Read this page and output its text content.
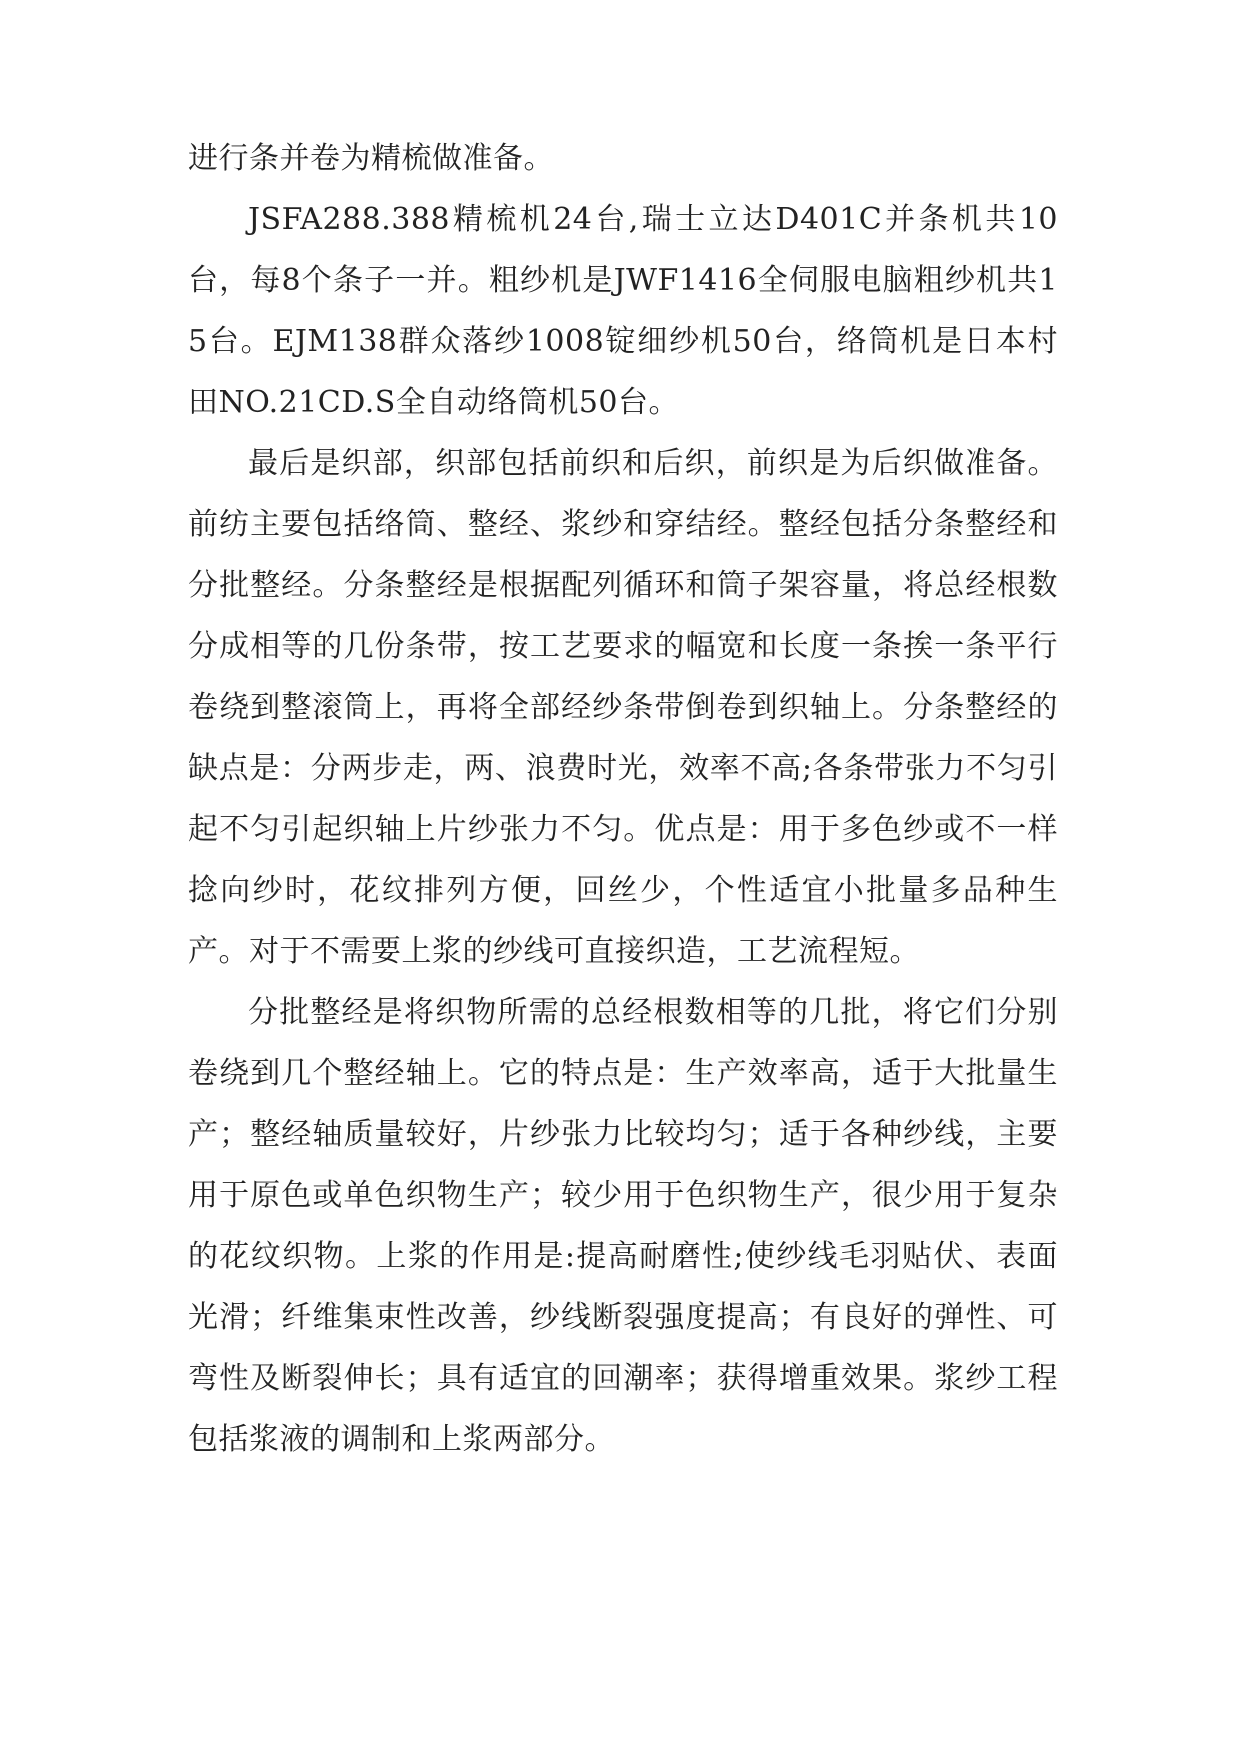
进行条并卷为精梳做准备。

JSFA288.388精梳机24台,瑞士立达D401C并条机共10台，每8个条子一并。粗纱机是JWF1416全伺服电脑粗纱机共15台。EJM138群众落纱1008锭细纱机50台，络筒机是日本村田NO.21CD.S全自动络筒机50台。

最后是织部，织部包括前织和后织，前织是为后织做准备。前纺主要包括络筒、整经、浆纱和穿结经。整经包括分条整经和分批整经。分条整经是根据配列循环和筒子架容量，将总经根数分成相等的几份条带，按工艺要求的幅宽和长度一条挨一条平行卷绕到整滚筒上，再将全部经纱条带倒卷到织轴上。分条整经的缺点是：分两步走，两、浪费时光，效率不高;各条带张力不匀引起不匀引起织轴上片纱张力不匀。优点是：用于多色纱或不一样捻向纱时，花纹排列方便，回丝少，个性适宜小批量多品种生产。对于不需要上浆的纱线可直接织造，工艺流程短。

分批整经是将织物所需的总经根数相等的几批，将它们分别卷绕到几个整经轴上。它的特点是：生产效率高，适于大批量生产；整经轴质量较好，片纱张力比较均匀；适于各种纱线，主要用于原色或单色织物生产；较少用于色织物生产，很少用于复杂的花纹织物。上浆的作用是:提高耐磨性;使纱线毛羽贴伏、表面光滑；纤维集束性改善，纱线断裂强度提高；有良好的弹性、可弯性及断裂伸长；具有适宜的回潮率；获得增重效果。浆纱工程包括浆液的调制和上浆两部分。
